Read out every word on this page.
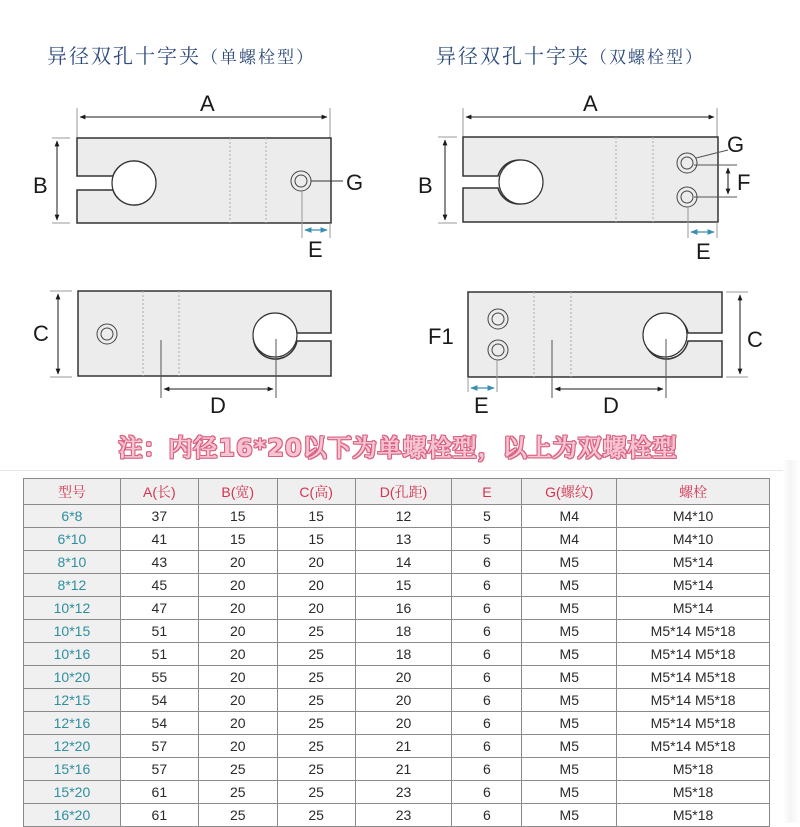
异径双孔十字夹（单螺栓型）	异径双孔十字夹（双螺栓型）
A
G
B
E
A
G
F
B
E
D
C	F1
D
E
C
注：内径16*20以下为单螺栓型，以上为双螺栓型
型号	A(长)	B(宽)	C(高)	D(孔距)	E	G(螺纹)	螺栓
6*8	37	15	15	12	5	M4	M4*10
6*10	41	15	15	13	5	M4	M4*10
8*10	43	20	20	14	6	M5	M5*14
8*12	45	20	20	15	6	M5	M5*14
10*12	47	20	20	16	6	M5	M5*14
10*15	51	20	25	18	6	M5	M5*14 M5*18
10*16	51	20	25	18	6	M5	M5*14 M5*18
10*20	55	20	25	20	6	M5	M5*14 M5*18
12*15	54	20	25	20	6	M5	M5*14 M5*18
12*16	54	20	25	20	6	M5	M5*14 M5*18
12*20	57	20	25	21	6	M5	M5*14 M5*18
15*16	57	25	25	21	6	M5	M5*18
15*20	61	25	25	23	6	M5	M5*18
16*20	61	25	25	23	6	M5	M5*18
